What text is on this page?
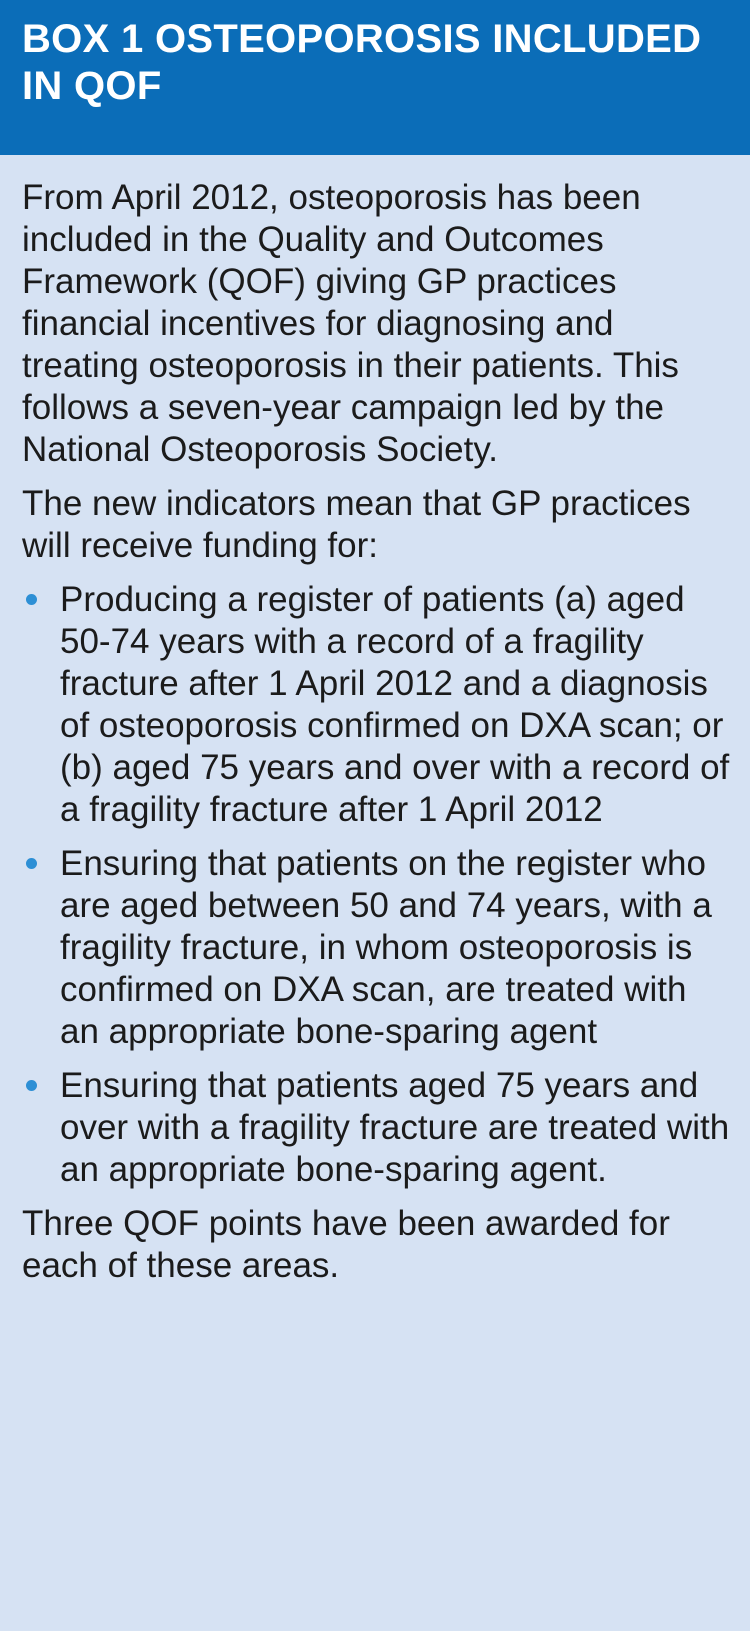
BOX 1 OSTEOPOROSIS INCLUDED IN QOF

From April 2012, osteoporosis has been included in the Quality and Outcomes Framework (QOF) giving GP practices financial incentives for diagnosing and treating osteoporosis in their patients. This follows a seven-year campaign led by the National Osteoporosis Society.

The new indicators mean that GP practices will receive funding for:

Producing a register of patients (a) aged 50-74 years with a record of a fragility fracture after 1 April 2012 and a diagnosis of osteoporosis confirmed on DXA scan; or (b) aged 75 years and over with a record of a fragility fracture after 1 April 2012
Ensuring that patients on the register who are aged between 50 and 74 years, with a fragility fracture, in whom osteoporosis is confirmed on DXA scan, are treated with an appropriate bone-sparing agent
Ensuring that patients aged 75 years and over with a fragility fracture are treated with an appropriate bone-sparing agent.

Three QOF points have been awarded for each of these areas.
